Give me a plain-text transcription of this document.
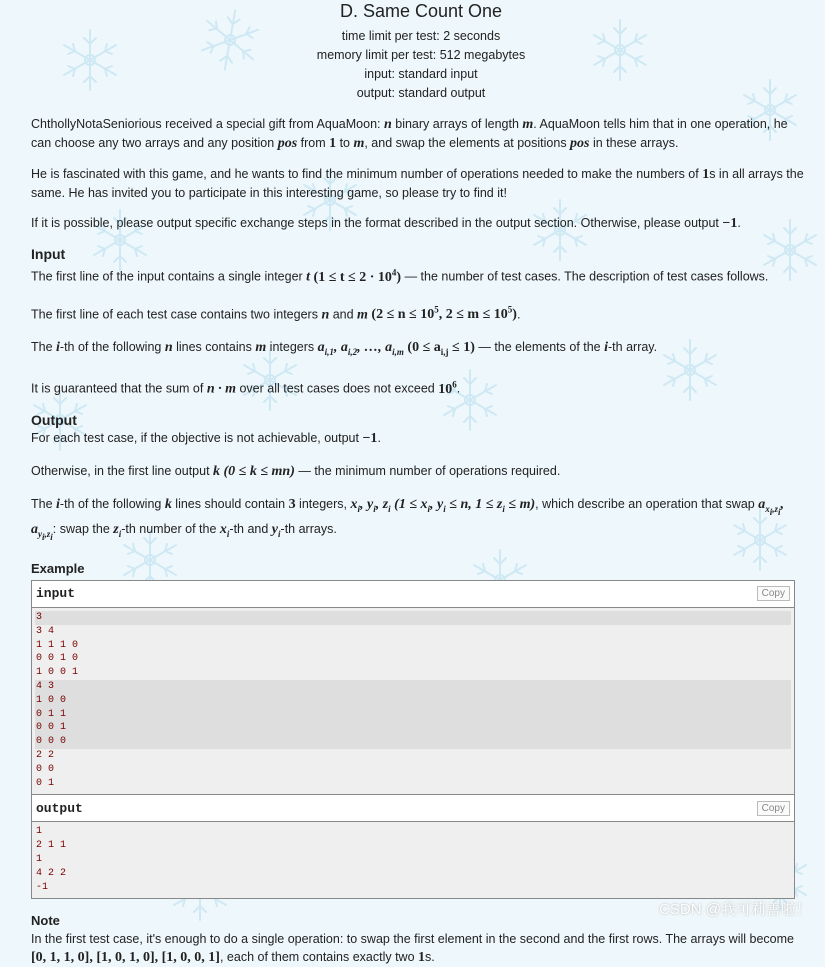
D. Same Count One
time limit per test: 2 seconds
memory limit per test: 512 megabytes
input: standard input
output: standard output

ChthollyNotaSeniorious received a special gift from AquaMoon: n binary arrays of length m. AquaMoon tells him that in one operation, he can choose any two arrays and any position pos from 1 to m, and swap the elements at positions pos in these arrays.

He is fascinated with this game, and he wants to find the minimum number of operations needed to make the numbers of 1s in all arrays the same. He has invited you to participate in this interesting game, so please try to find it!

If it is possible, please output specific exchange steps in the format described in the output section. Otherwise, please output −1.

Input

The first line of the input contains a single integer t $(1 \le t \le 2 \cdot 10^4)$ — the number of test cases. The description of test cases follows.

The first line of each test case contains two integers n and m ($2 \le n \le 10^5$, $2 \le m \le 10^5$).

The i-th of the following n lines contains m integers $a_{i,1}$, $a_{i,2}$, …, $a_{i,m}$ $(0 \le a_{i,j} \le 1)$ — the elements of the i-th array.

It is guaranteed that the sum of n · m over all test cases does not exceed $10^6$.

Output

For each test case, if the objective is not achievable, output −1.

Otherwise, in the first line output k (0 ≤ k ≤ mn) — the minimum number of operations required.

The i-th of the following k lines should contain 3 integers, $x_i$, $y_i$, $z_i$ ($1 \le x_i$, $y_i \le n$, $1 \le z_i \le m$), which describe an operation that swap $a_{x_i,z_i}$, $a_{y_i,z_i}$: swap the $z_i-th$ number of the $x_i-th$ and $y_i-th$ arrays.

Example
input	Copy
3
3 4
1 1 1 0
0 0 1 0
1 0 0 1
4 3
1 0 0
0 1 1
0 0 1
0 0 0
2 2
0 0
0 1
output	Copy
1
2 1 1
1
4 2 2
-1
Note

In the first test case, it's enough to do a single operation: to swap the first element in the second and the first rows. The arrays will become [0, 1, 1, 0], [1, 0, 1, 0], [1, 0, 0, 1], each of them contains exactly two 1s.

CSDN @我可莉善啦！
